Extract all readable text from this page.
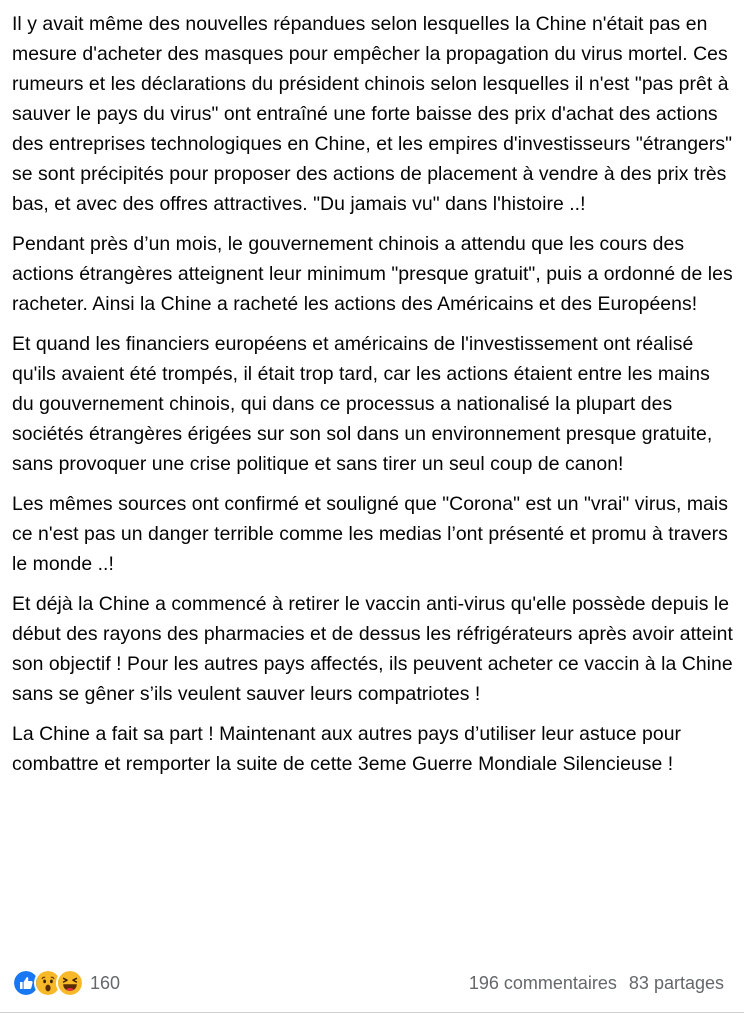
Il y avait même des nouvelles répandues selon lesquelles la Chine n'était pas en mesure d'acheter des masques pour empêcher la propagation du virus mortel. Ces rumeurs et les déclarations du président chinois selon lesquelles il n'est "pas prêt à sauver le pays du virus" ont entraîné une forte baisse des prix d'achat des actions des entreprises technologiques en Chine, et les empires d'investisseurs "étrangers" se sont précipités pour proposer des actions de placement à vendre à des prix très bas, et avec des offres attractives. "Du jamais vu" dans l'histoire ..!

Pendant près d’un mois, le gouvernement chinois a attendu que les cours des actions étrangères atteignent leur minimum "presque gratuit", puis a ordonné de les racheter. Ainsi la Chine a racheté les actions des Américains et des Européens!

Et quand les financiers européens et américains de l'investissement ont réalisé qu'ils avaient été trompés, il était trop tard, car les actions étaient entre les mains du gouvernement chinois, qui dans ce processus a nationalisé la plupart des sociétés étrangères érigées sur son sol dans un environnement presque gratuite, sans provoquer une crise politique et sans tirer un seul coup de canon!

Les mêmes sources ont confirmé et souligné que "Corona" est un "vrai" virus, mais ce n'est pas un danger terrible comme les medias l’ont présenté et promu à travers le monde ..!

Et déjà la Chine a commencé à retirer le vaccin anti-virus qu'elle possède depuis le début des rayons des pharmacies et de dessus les réfrigérateurs après avoir atteint son objectif ! Pour les autres pays affectés, ils peuvent acheter ce vaccin à la Chine sans se gêner s’ils veulent sauver leurs compatriotes !

La Chine a fait sa part ! Maintenant aux autres pays d’utiliser leur astuce pour combattre et remporter la suite de cette 3eme Guerre Mondiale Silencieuse !

160	196 commentaires 83 partages
